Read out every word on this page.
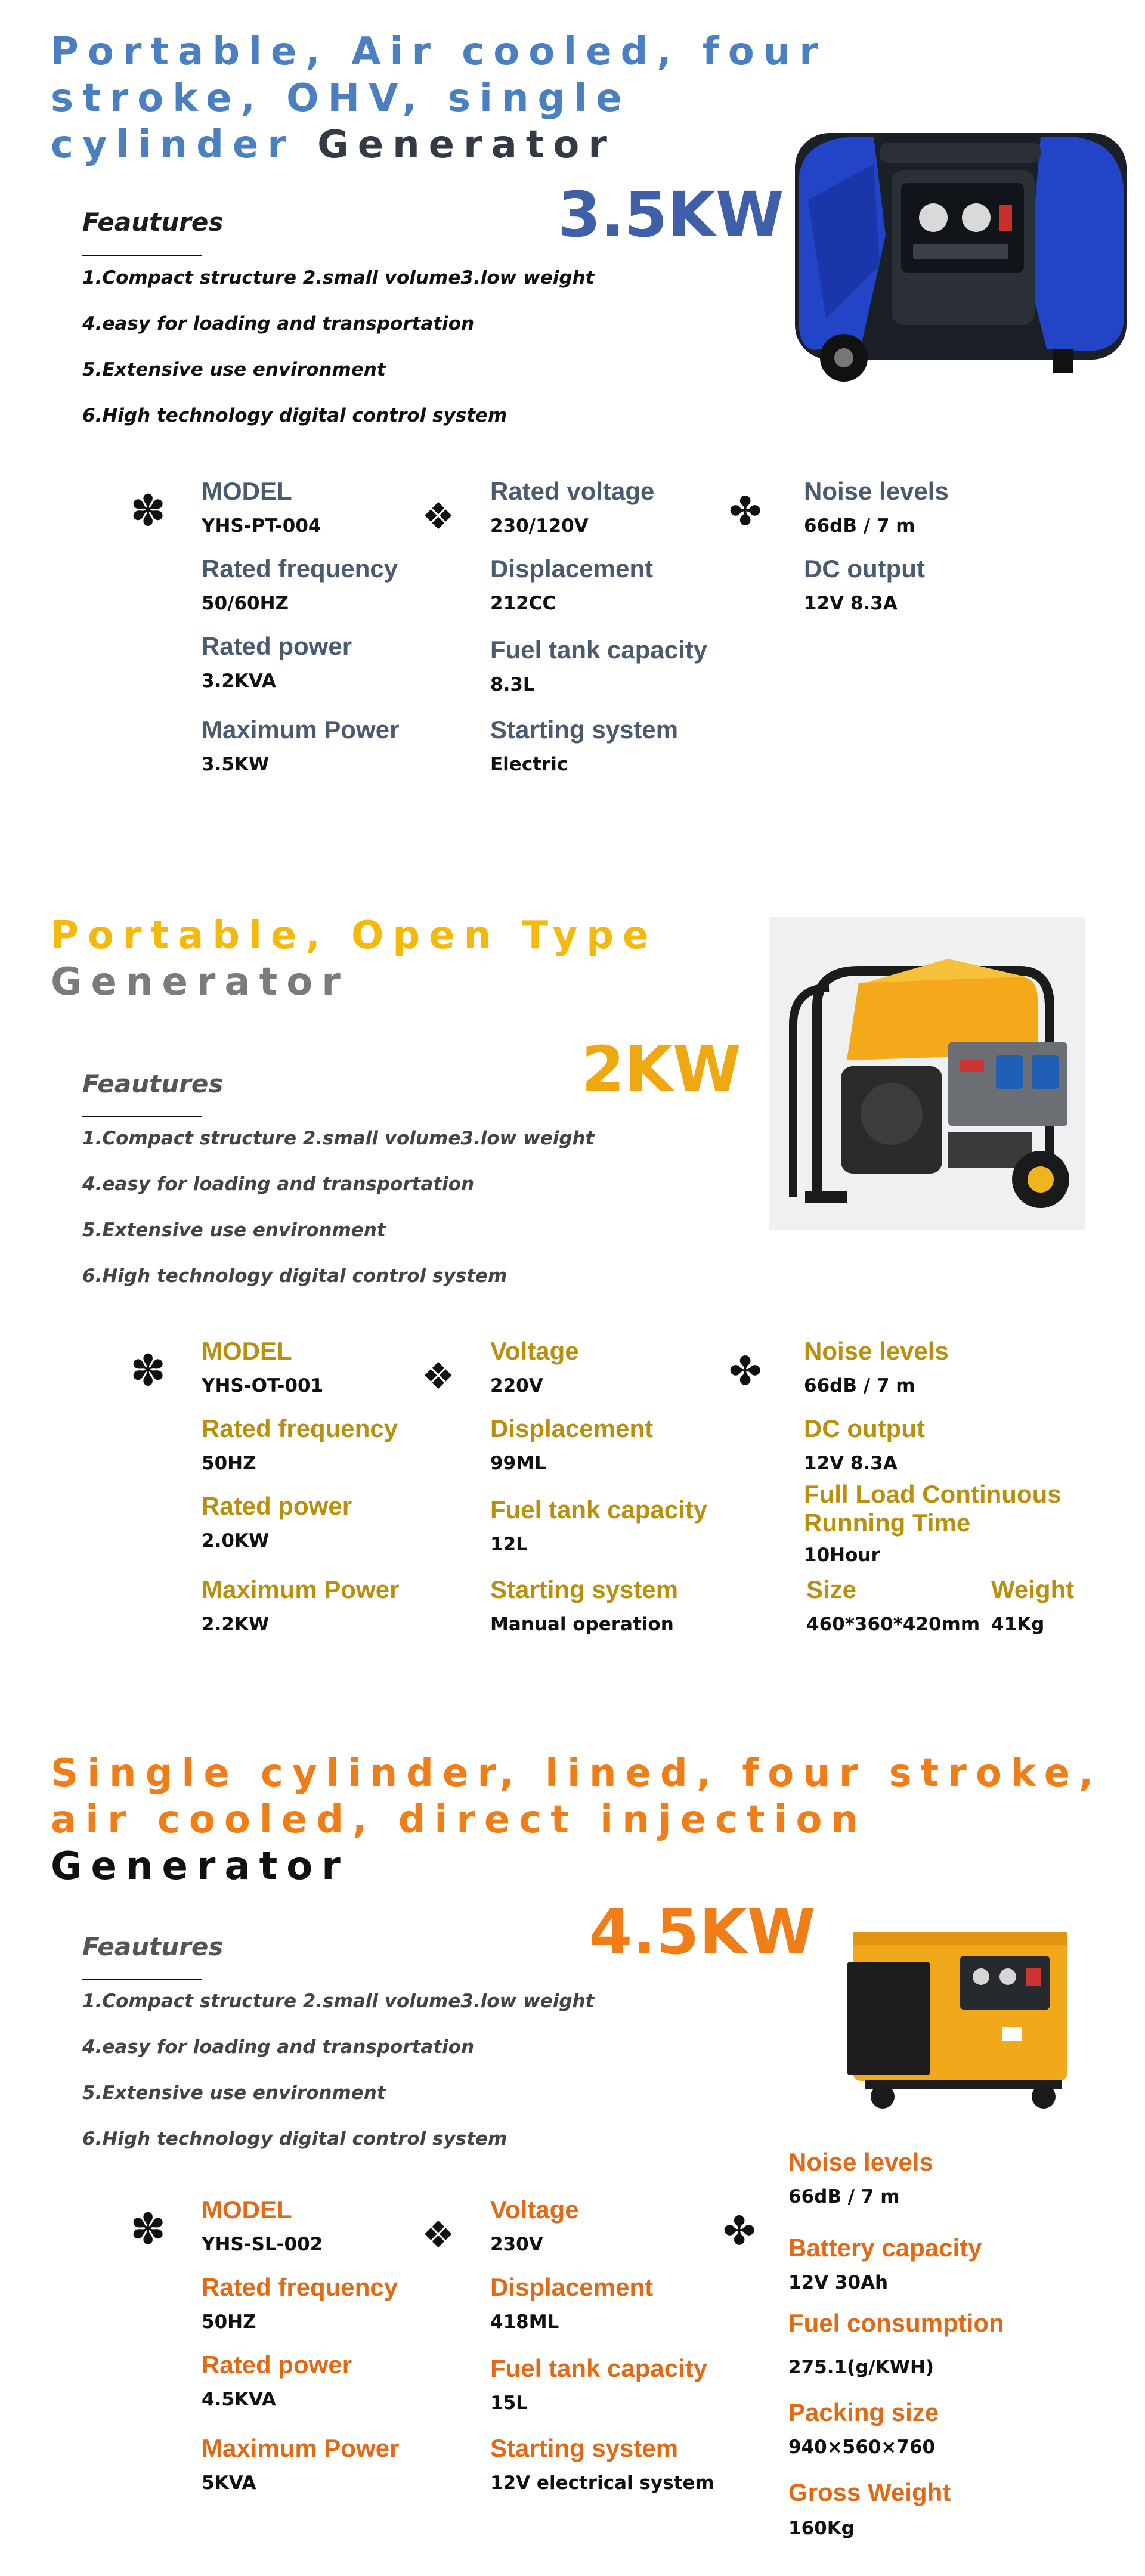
Portable, Air cooled, four
stroke, OHV, single
cylinder Generator
3.5KW
Feautures
1.Compact structure 2.small volume3.low weight
4.easy for loading and transportation
5.Extensive use environment
6.High technology digital control system
✽	❖	✤
MODEL
YHS-PT-004
Rated frequency
50/60HZ
Rated power
3.2KVA
Maximum Power
3.5KW
Rated voltage
230/120V
Displacement
212CC
Fuel tank capacity
8.3L
Starting system
Electric
Noise levels
66dB / 7 m
DC output
12V 8.3A
Portable, Open Type
Generator
2KW
Feautures
1.Compact structure 2.small volume3.low weight
4.easy for loading and transportation
5.Extensive use environment
6.High technology digital control system
✽	❖	✤
MODEL
YHS-OT-001
Rated frequency
50HZ
Rated power
2.0KW
Maximum Power
2.2KW
Voltage
220V
Displacement
99ML
Fuel tank capacity
12L
Starting system
Manual operation
Noise levels
66dB / 7 m
DC output
12V 8.3A
Full Load Continuous
Running Time
10Hour
Size
460*360*420mm
Weight
41Kg
Single cylinder, lined, four stroke,
air cooled, direct injection
Generator
4.5KW
Feautures
1.Compact structure 2.small volume3.low weight
4.easy for loading and transportation
5.Extensive use environment
6.High technology digital control system
✽	❖	✤
MODEL
YHS-SL-002
Rated frequency
50HZ
Rated power
4.5KVA
Maximum Power
5KVA
Voltage
230V
Displacement
418ML
Fuel tank capacity
15L
Starting system
12V electrical system
Noise levels
66dB / 7 m
Battery capacity
12V 30Ah
Fuel consumption
275.1(g/KWH)
Packing size
940×560×760
Gross Weight
160Kg
